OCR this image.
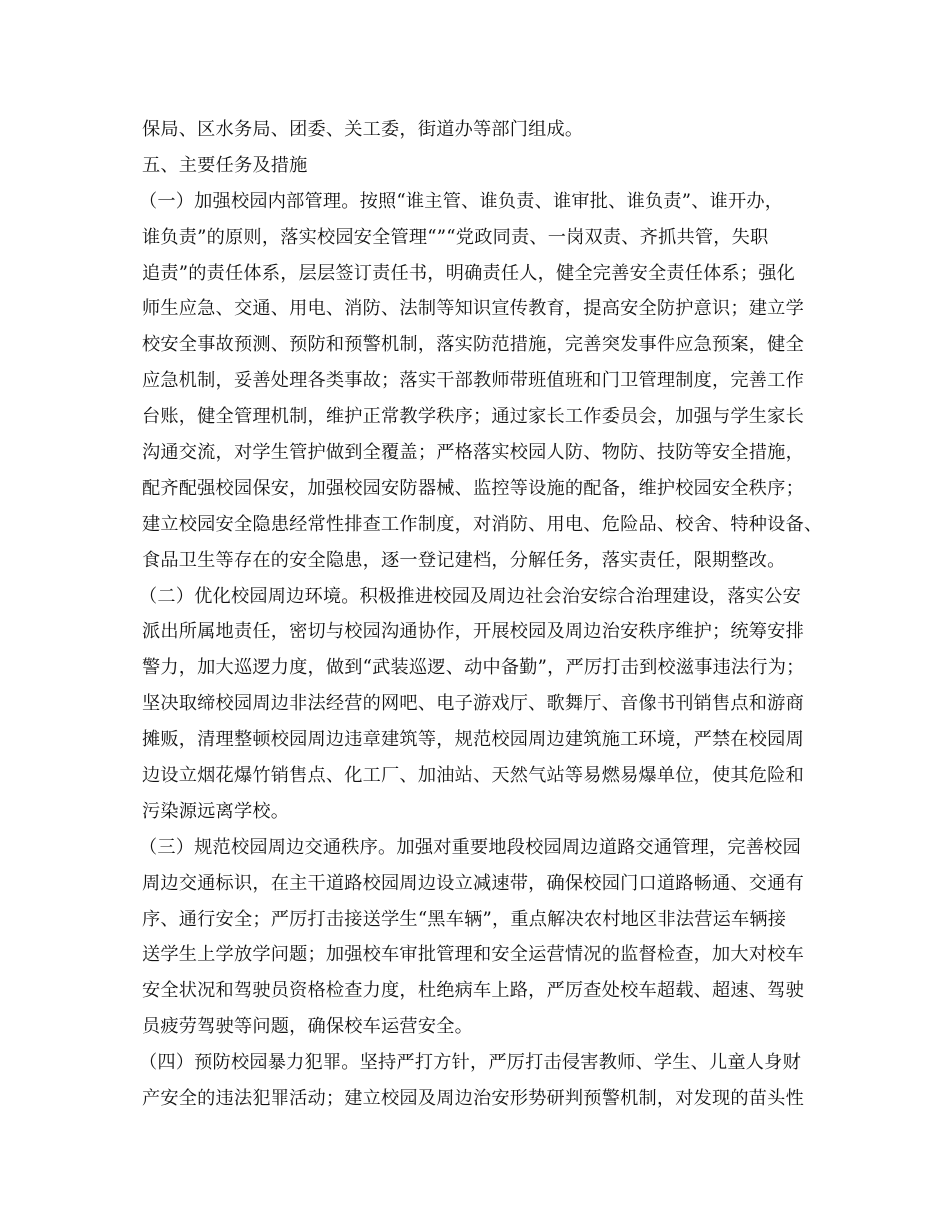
保局、区水务局、团委、关工委，街道办等部门组成。
五、主要任务及措施
（一）加强校园内部管理。按照“谁主管、谁负责、谁审批、谁负责”、谁开办，
谁负责”的原则，落实校园安全管理“”“党政同责、一岗双责、齐抓共管，失职
追责”的责任体系，层层签订责任书，明确责任人，健全完善安全责任体系；强化
师生应急、交通、用电、消防、法制等知识宣传教育，提高安全防护意识；建立学
校安全事故预测、预防和预警机制，落实防范措施，完善突发事件应急预案，健全
应急机制，妥善处理各类事故；落实干部教师带班值班和门卫管理制度，完善工作
台账，健全管理机制，维护正常教学秩序；通过家长工作委员会，加强与学生家长
沟通交流，对学生管护做到全覆盖；严格落实校园人防、物防、技防等安全措施，
配齐配强校园保安，加强校园安防器械、监控等设施的配备，维护校园安全秩序；
建立校园安全隐患经常性排查工作制度，对消防、用电、危险品、校舍、特种设备、
食品卫生等存在的安全隐患，逐一登记建档，分解任务，落实责任，限期整改。
（二）优化校园周边环境。积极推进校园及周边社会治安综合治理建设，落实公安
派出所属地责任，密切与校园沟通协作，开展校园及周边治安秩序维护；统筹安排
警力，加大巡逻力度，做到“武装巡逻、动中备勤”，严厉打击到校滋事违法行为；
坚决取缔校园周边非法经营的网吧、电子游戏厅、歌舞厅、音像书刊销售点和游商
摊贩，清理整顿校园周边违章建筑等，规范校园周边建筑施工环境，严禁在校园周
边设立烟花爆竹销售点、化工厂、加油站、天然气站等易燃易爆单位，使其危险和
污染源远离学校。
（三）规范校园周边交通秩序。加强对重要地段校园周边道路交通管理，完善校园
周边交通标识，在主干道路校园周边设立减速带，确保校园门口道路畅通、交通有
序、通行安全；严厉打击接送学生“黑车辆”，重点解决农村地区非法营运车辆接
送学生上学放学问题；加强校车审批管理和安全运营情况的监督检查，加大对校车
安全状况和驾驶员资格检查力度，杜绝病车上路，严厉查处校车超载、超速、驾驶
员疲劳驾驶等问题，确保校车运营安全。
（四）预防校园暴力犯罪。坚持严打方针，严厉打击侵害教师、学生、儿童人身财
产安全的违法犯罪活动；建立校园及周边治安形势研判预警机制，对发现的苗头性
